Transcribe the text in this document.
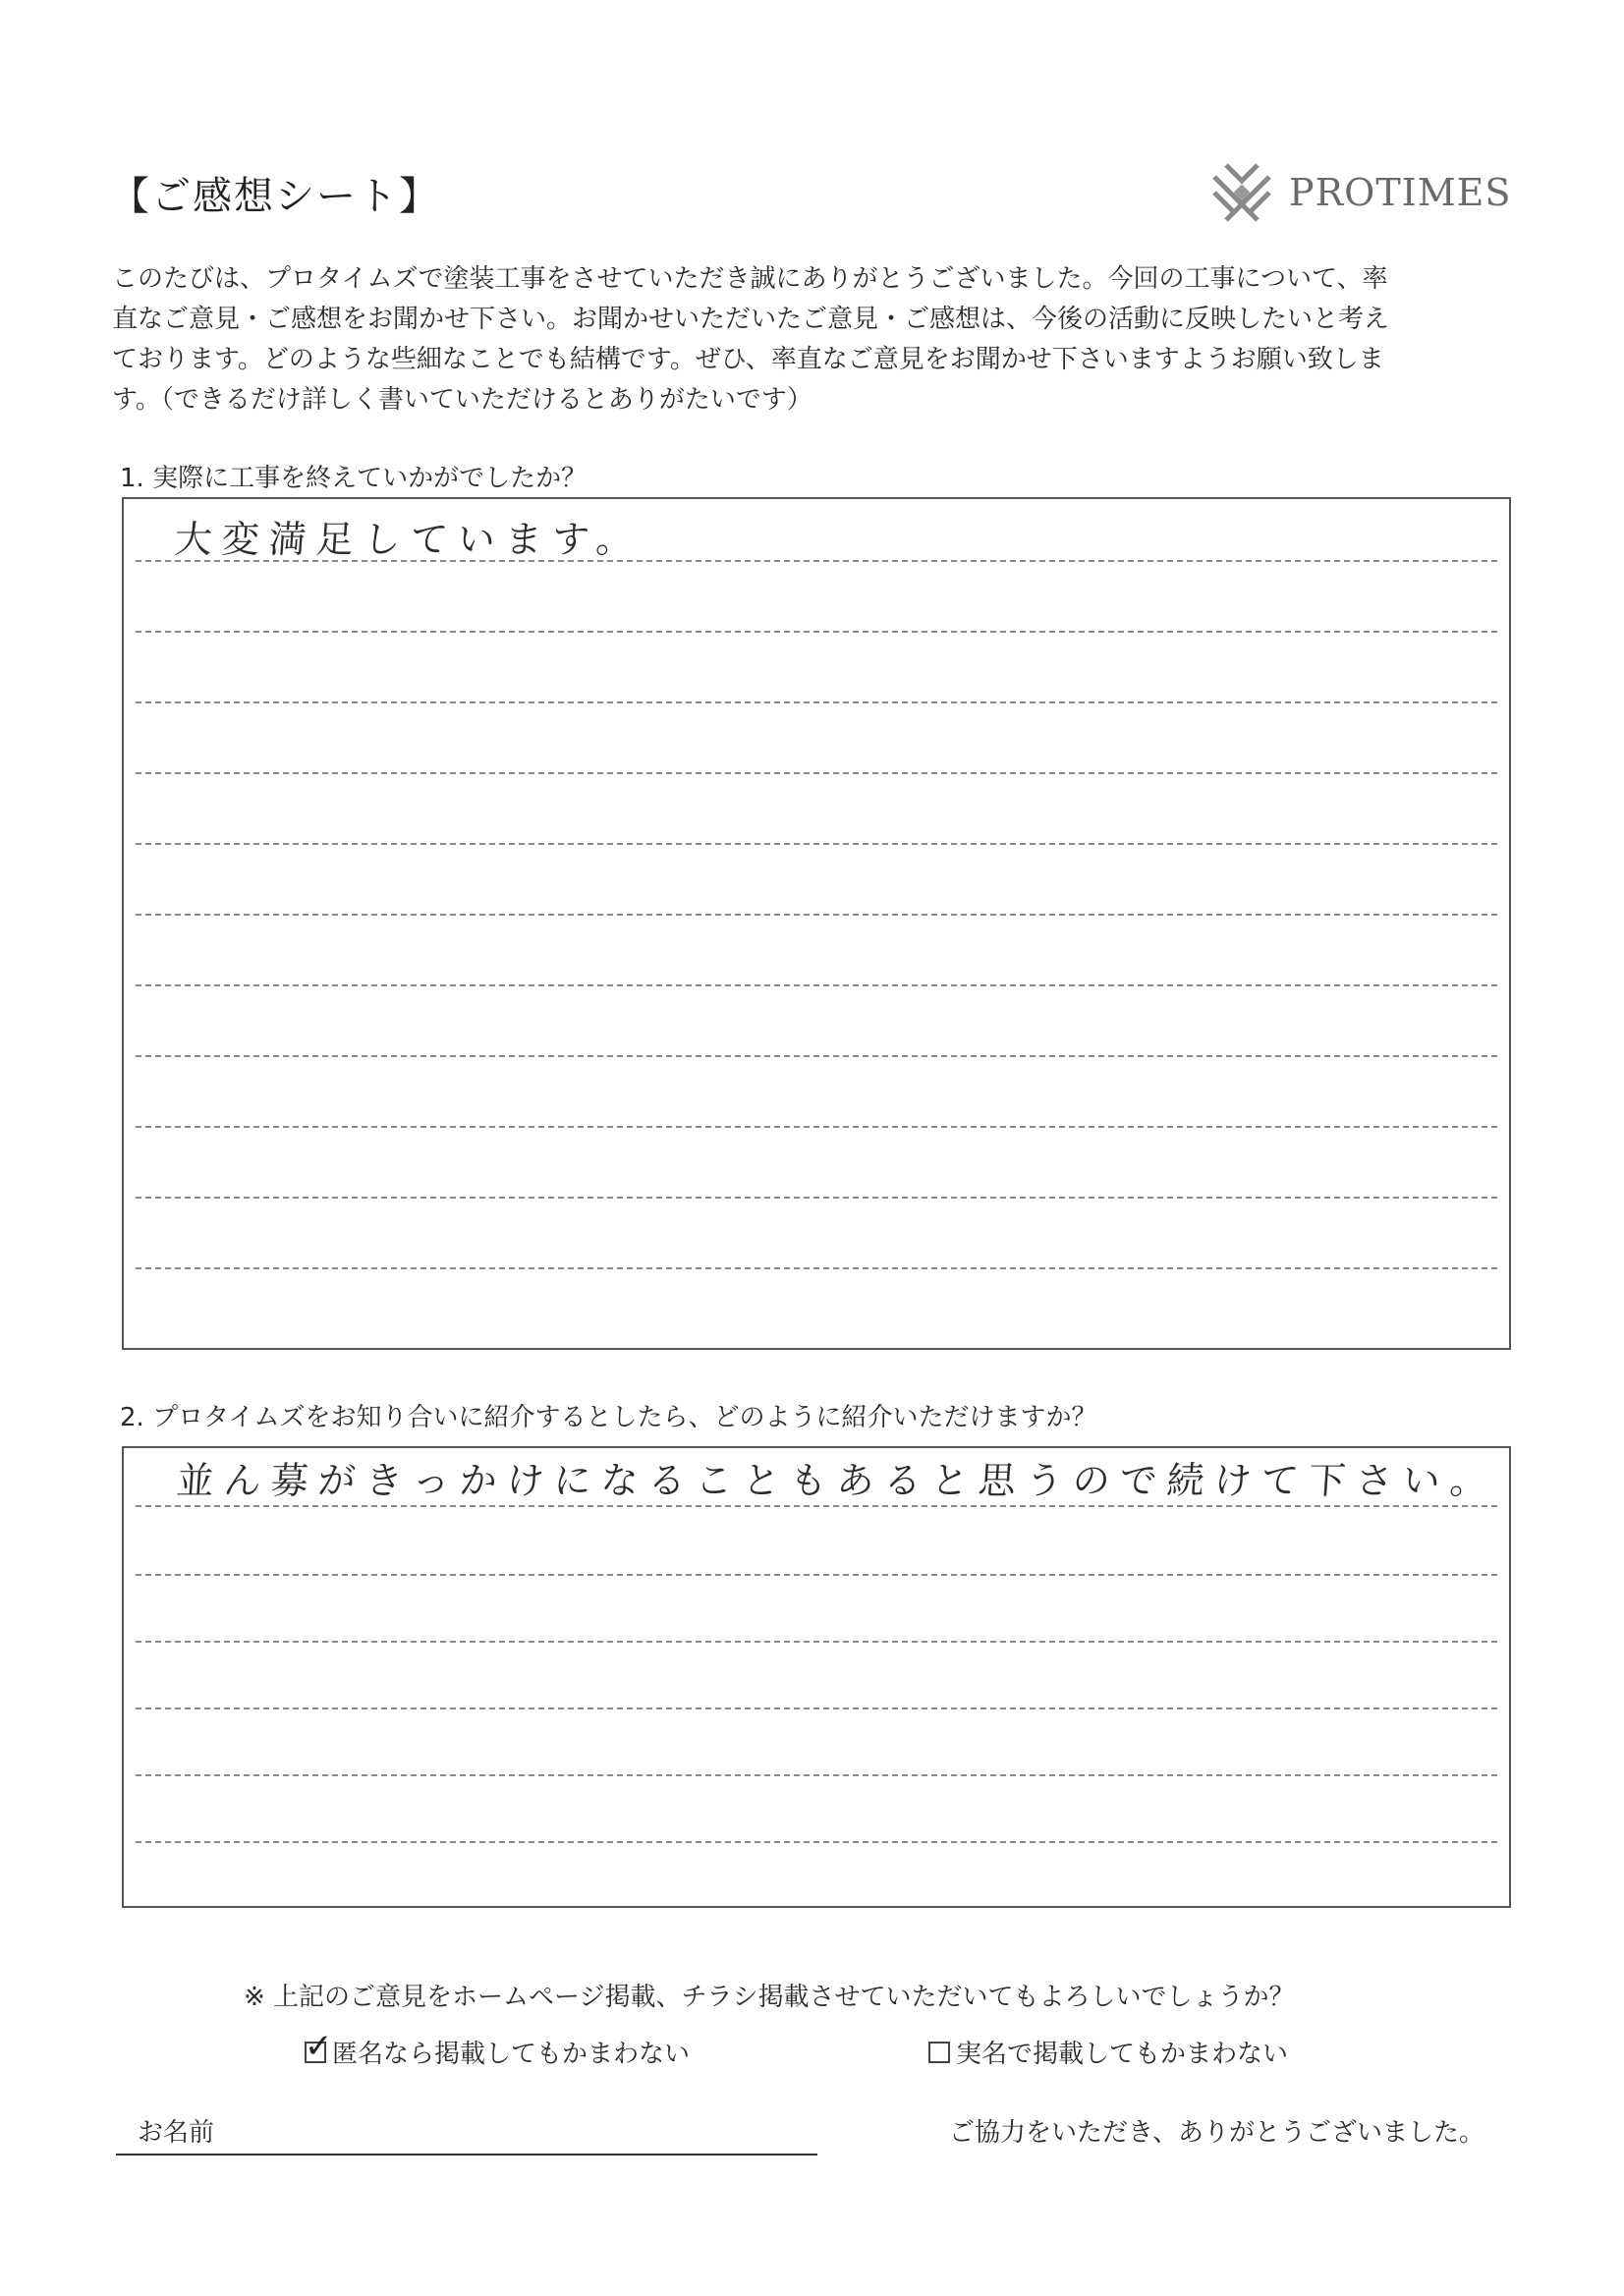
【ご感想シート】	PROTIMES
このたびは、プロタイムズで塗装工事をさせていただき誠にありがとうございました。今回の工事について、率
直なご意見・ご感想をお聞かせ下さい。お聞かせいただいたご意見・ご感想は、今後の活動に反映したいと考え
ております。どのような些細なことでも結構です。ぜひ、率直なご意見をお聞かせ下さいますようお願い致しま
す。（できるだけ詳しく書いていただけるとありがたいです）
1. 実際に工事を終えていかがでしたか？
大変満足しています。
2. プロタイムズをお知り合いに紹介するとしたら、どのように紹介いただけますか？
並ん募がきっかけになることもあると思うので続けて下さい。
※ 上記のご意見をホームページ掲載、チラシ掲載させていただいてもよろしいでしょうか？
✓ 匿名なら掲載してもかまわない	実名で掲載してもかまわない
お名前	ご協力をいただき、ありがとうございました。
